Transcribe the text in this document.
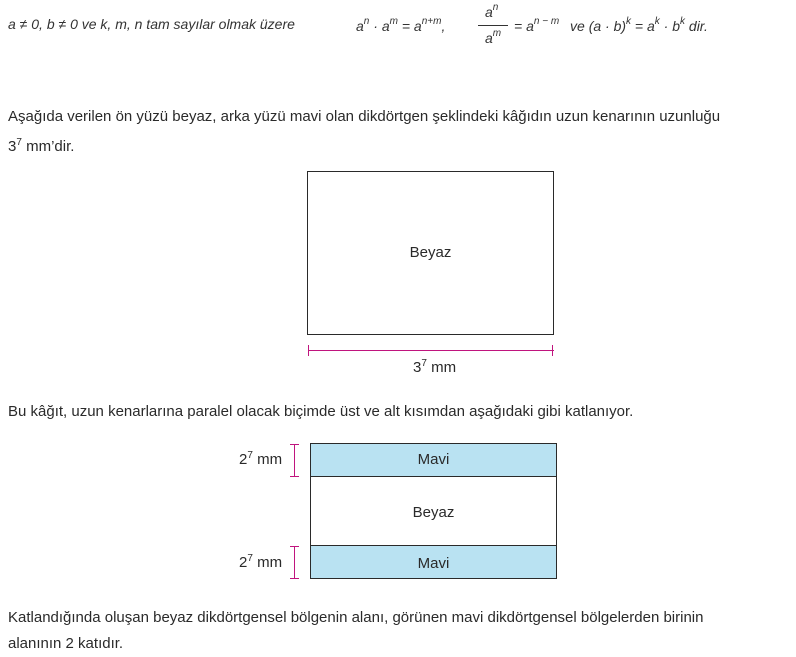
a ≠ 0, b ≠ 0 ve k, m, n tam sayılar olmak üzere	$a^n \cdot a^m = a^{n+m}$,
$a^n$
$a^m = a^{n - m}$ ve $(a \cdot b)^k = a^k \cdot b^k$ dir.
Aşağıda verilen ön yüzü beyaz, arka yüzü mavi olan dikdörtgen şeklindeki kâğıdın uzun kenarının uzunluğu
$3^7$ mm’dir.
Beyaz
$3^7$ mm
Bu kâğıt, uzun kenarlarına paralel olacak biçimde üst ve alt kısımdan aşağıdaki gibi katlanıyor.
Mavi
Beyaz
Mavi
$2^7$ mm
$2^7$ mm
Katlandığında oluşan beyaz dikdörtgensel bölgenin alanı, görünen mavi dikdörtgensel bölgelerden birinin
alanının 2 katıdır.
